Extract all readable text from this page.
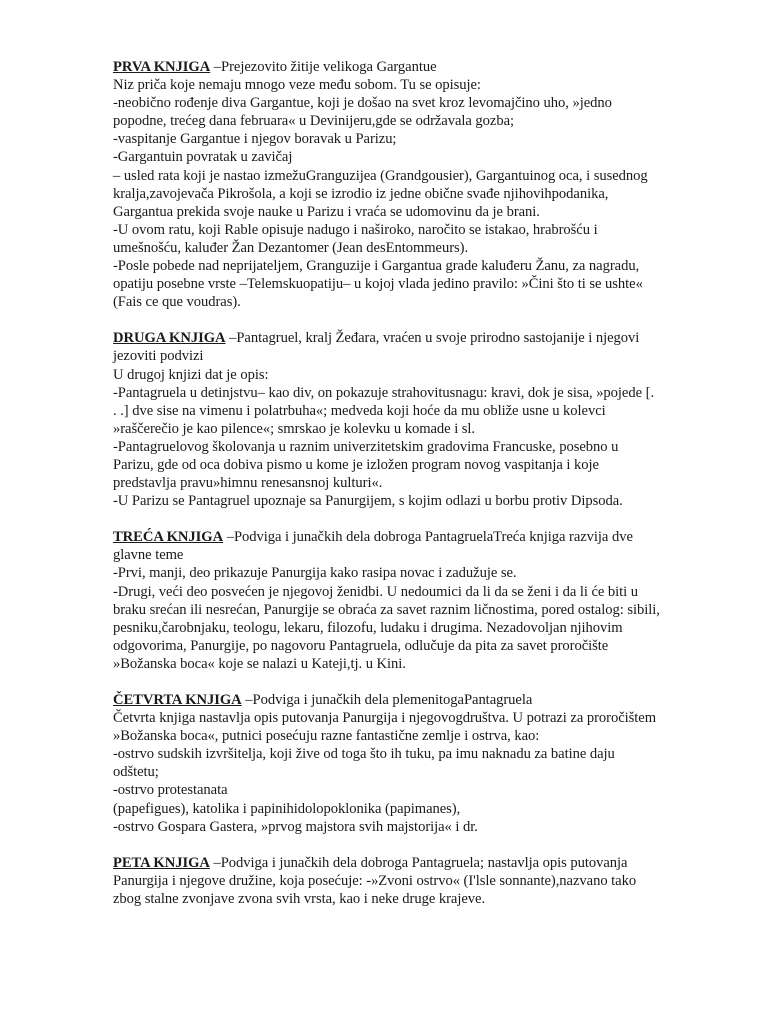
PRVA KNJIGA –Prejezovito žitije velikoga Gargantue

Niz priča koje nemaju mnogo veze među sobom. Tu se opisuje:

-neobično rođenje diva Gargantue, koji je došao na svet kroz levomajčino uho, »jedno popodne, trećeg dana februara« u Devinijeru,gde se održavala gozba;

-vaspitanje Gargantue i njegov boravak u Parizu;

-Gargantuin povratak u zavičaj

– usled rata koji je nastao izmežuGranguzijea (Grandgousier), Gargantuinog oca, i susednog kralja,zavojevača Pikrošola, a koji se izrodio iz jedne obične svađe njihovihpodanika, Gargantua prekida svoje nauke u Parizu i vraća se udomovinu da je brani.

-U ovom ratu, koji Rable opisuje nadugo i naširoko, naročito se istakao, hrabrošću i umešnošću, kaluđer Žan Dezantomer (Jean desEntommeurs).

-Posle pobede nad neprijateljem, Granguzije i Gargantua grade kaluđeru Žanu, za nagradu, opatiju posebne vrste –Telemskuopatiju– u kojoj vlada jedino pravilo: »Čini što ti se ushte« (Fais ce que voudras).

DRUGA KNJIGA –Pantagruel, kralj Žeđara, vraćen u svoje prirodno sastojanije i njegovi jezoviti podvizi

U drugoj knjizi dat je opis:

-Pantagruela u detinjstvu– kao div, on pokazuje strahovitusnagu: kravi, dok je sisa, »pojede [. . .] dve sise na vimenu i polatrbuha«; medveda koji hoće da mu obliže usne u kolevci »raščerečio je kao pilence«; smrskao je kolevku u komade i sl.

-Pantagruelovog školovanja u raznim univerzitetskim gradovima Francuske, posebno u Parizu, gde od oca dobiva pismo u kome je izložen program novog vaspitanja i koje predstavlja pravu»himnu renesansnoj kulturi«.

-U Parizu se Pantagruel upoznaje sa Panurgijem, s kojim odlazi u borbu protiv Dipsoda.

TREĆA KNJIGA –Podviga i junačkih dela dobroga PantagruelaTreća knjiga razvija dve glavne teme

-Prvi, manji, deo prikazuje Panurgija kako rasipa novac i zadužuje se.

-Drugi, veći deo posvećen je njegovoj ženidbi. U nedoumici da li da se ženi i da li će biti u braku srećan ili nesrećan, Panurgije se obraća za savet raznim ličnostima, pored ostalog: sibili, pesniku,čarobnjaku, teologu, lekaru, filozofu, ludaku i drugima. Nezadovoljan njihovim odgovorima, Panurgije, po nagovoru Pantagruela, odlučuje da pita za savet proročište »Božanska boca« koje se nalazi u Kateji,tj. u Kini.

ČETVRTA KNJIGA –Podviga i junačkih dela plemenitogaPantagruela

Četvrta knjiga nastavlja opis putovanja Panurgija i njegovogdruštva. U potrazi za proročištem »Božanska boca«, putnici posećuju razne fantastične zemlje i ostrva, kao:

-ostrvo sudskih izvršitelja, koji žive od toga što ih tuku, pa imu naknadu za batine daju odštetu;

-ostrvo protestanata

(papefigues), katolika i papinihidolopoklonika (papimanes),

-ostrvo Gospara Gastera, »prvog majstora svih majstorija« i dr.

PETA KNJIGA –Podviga i junačkih dela dobroga Pantagruela; nastavlja opis putovanja Panurgija i njegove družine, koja posećuje: -»Zvoni ostrvo« (I'lsle sonnante),nazvano tako zbog stalne zvonjave zvona svih vrsta, kao i neke druge krajeve.
